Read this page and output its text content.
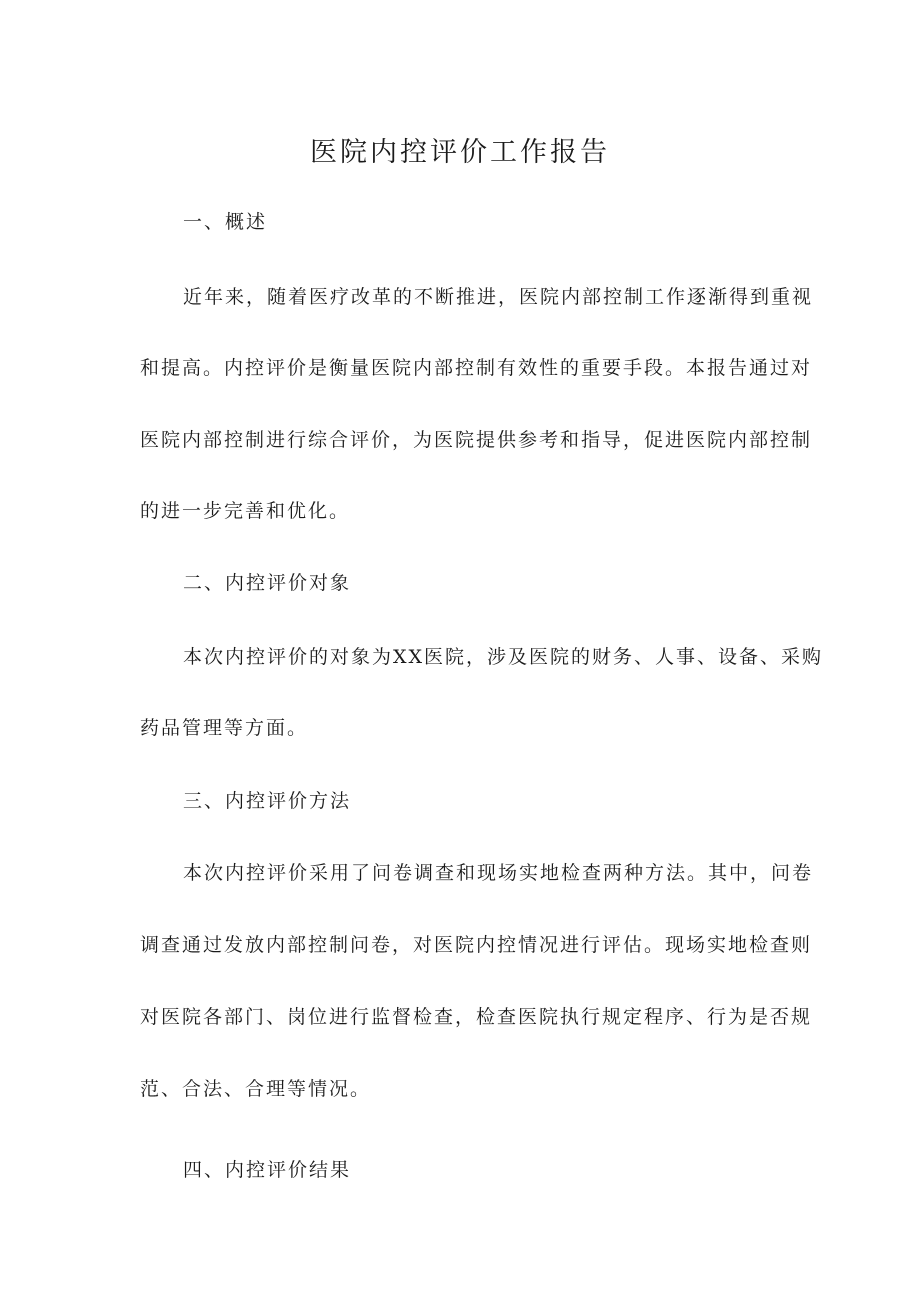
医院内控评价工作报告

一、概述

近年来，随着医疗改革的不断推进，医院内部控制工作逐渐得到重视

和提高。内控评价是衡量医院内部控制有效性的重要手段。本报告通过对

医院内部控制进行综合评价，为医院提供参考和指导，促进医院内部控制

的进一步完善和优化。

二、内控评价对象

本次内控评价的对象为XX医院，涉及医院的财务、人事、设备、采购

药品管理等方面。

三、内控评价方法

本次内控评价采用了问卷调查和现场实地检查两种方法。其中，问卷

调查通过发放内部控制问卷，对医院内控情况进行评估。现场实地检查则

对医院各部门、岗位进行监督检查，检查医院执行规定程序、行为是否规

范、合法、合理等情况。

四、内控评价结果
